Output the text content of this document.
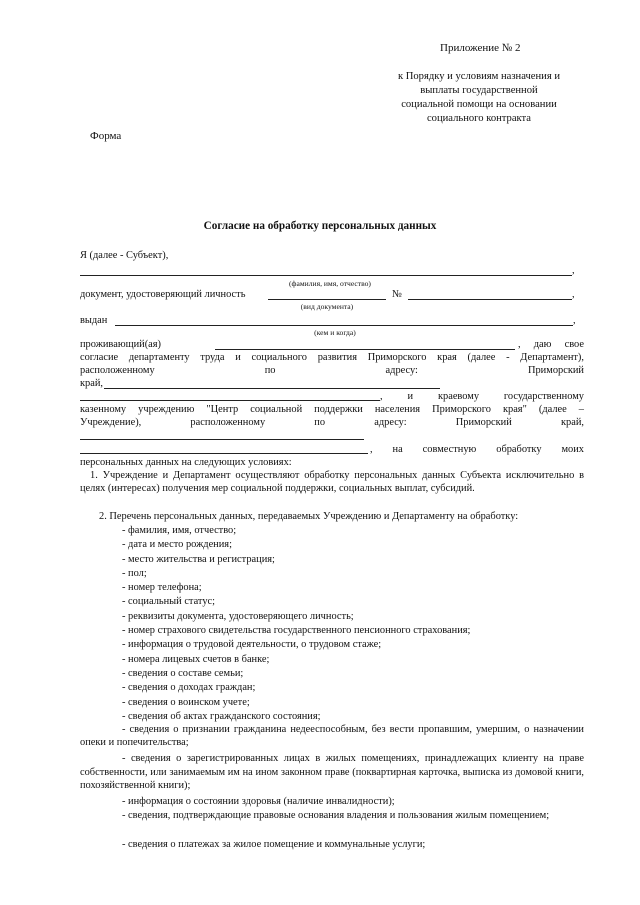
Приложение № 2
к Порядку и условиям назначения и
выплаты государственной
социальной помощи на основании
социального контракта
Форма
Согласие на обработку персональных данных
Я (далее - Субъект),
,
(фамилия, имя, отчество)
документ, удостоверяющий личность	№	,
(вид документа)
выдан	,
(кем и когда)
проживающий(ая)	, даю свое
согласие департаменту труда и социального развития Приморского края (далее - Департамент),
расположенному по адресу: Приморский
край,
, и краевому государственному
казенному учреждению "Центр социальной поддержки населения Приморского края" (далее –
Учреждение), расположенному по адресу: Приморский край,
, на совместную обработку моих
персональных данных на следующих условиях:
1. Учреждение и Департамент осуществляют обработку персональных данных Субъекта исключительно в целях (интересах) получения мер социальной поддержки, социальных выплат, субсидий.
2. Перечень персональных данных, передаваемых Учреждению и Департаменту на обработку:
- фамилия, имя, отчество;
- дата и место рождения;
- место жительства и регистрация;
- пол;
- номер телефона;
- социальный статус;
- реквизиты документа, удостоверяющего личность;
- номер страхового свидетельства государственного пенсионного страхования;
- информация о трудовой деятельности, о трудовом стаже;
- номера лицевых счетов в банке;
- сведения о составе семьи;
- сведения о доходах граждан;
- сведения о воинском учете;
- сведения об актах гражданского состояния;
- сведения о признании гражданина недееспособным, без вести пропавшим, умершим, о назначении опеки и попечительства;
- сведения о зарегистрированных лицах в жилых помещениях, принадлежащих клиенту на праве собственности, или занимаемым им на ином законном праве (поквартирная карточка, выписка из домовой книги, похозяйственной книги);
- информация о состоянии здоровья (наличие инвалидности);
- сведения, подтверждающие правовые основания владения и пользования жилым помещением;
- сведения о платежах за жилое помещение и коммунальные услуги;
